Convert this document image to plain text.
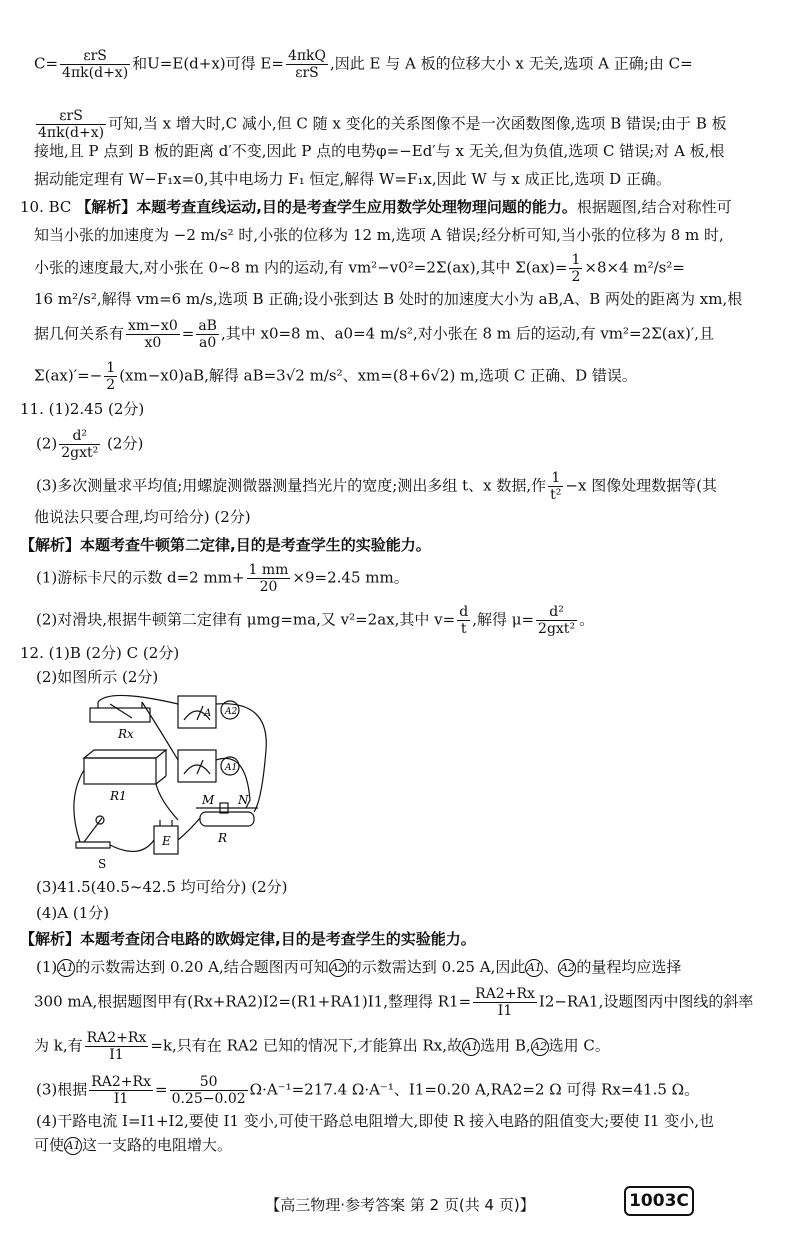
$C= \frac{\text{εrS}}{4\pi k(d+x)}$ 和U=E(d+x)可得 $E= \frac{\text{4πkQ}}{\text{εrS}}$ ,因此 E 与 A 板的位移大小 x 无关,选项 A 正确;由 C=
$\frac{\text{εrS}}{4\pi k(d+x)}$ 可知,当 x 增大时,C 减小,但 C 随 x 变化的关系图像不是一次函数图像,选项 B 错误;由于 B 板
接地,且 P 点到 B 板的距离 d′不变,因此 P 点的电势φ=−Ed′与 x 无关,但为负值,选项 C 错误;对 A 板,根
据动能定理有 W−F₁x=0,其中电场力 F₁ 恒定,解得 W=F₁x,因此 W 与 x 成正比,选项 D 正确。
10. BC 【解析】本题考查直线运动,目的是考查学生应用数学处理物理问题的能力。根据题图,结合对称性可
知当小张的加速度为 −2 m/s² 时,小张的位移为 12 m,选项 A 错误;经分析可知,当小张的位移为 8 m 时,
小张的速度最大,对小张在 0~8 m 内的运动,有 vm²−v0²=2Σ(ax),其中 $\Sigma(ax)= \frac{1}{2} \times 8\times 4$ m²/s²=
16 m²/s²,解得 vm=6 m/s,选项 B 正确;设小张到达 B 处时的加速度大小为 aB,A、B 两处的距离为 xm,根
据几何关系有 $\frac{xm-x0}{x0} = \frac{aB}{a0}$ ,其中 x0=8 m、a0=4 m/s²,对小张在 8 m 后的运动,有 vm²=2Σ(ax)′,且
$\Sigma(ax)'=- \frac{1}{2} (xm-x0)aB$,解得 aB=3√2 m/s²、xm=(8+6√2) m,选项 C 正确、D 错误。
11. (1)2.45 (2分)
$(2) \frac{\text{d²}}{\text{2gxt²}} (2$分)
(3)多次测量求平均值;用螺旋测微器测量挡光片的宽度;测出多组 t、x 数据,作 $\frac{1}{\text{t²}} -x$ 图像处理数据等(其
他说法只要合理,均可给分) (2分)
【解析】本题考查牛顿第二定律,目的是考查学生的实验能力。
(1)游标卡尺的示数 d=2 $mm+ \frac{1 mm}{20} \times 9=2.45$ mm。
(2)对滑块,根据牛顿第二定律有 μmg=ma,又 v²=2ax,其中 $v= \frac{d}{t}$ ,解得 $\mu= \frac{\text{d²}}{\text{2gxt²}}$ 。
12. (1)B (2分) C (2分)
(2)如图所示 (2分)
A A2
A1
Rx
R1	M N
R
E
S
(3)41.5(40.5~42.5 均可给分) (2分)
(4)A (1分)
【解析】本题考查闭合电路的欧姆定律,目的是考查学生的实验能力。
(1) A1 的示数需达到 0.20 A,结合题图丙可知 A2 的示数需达到 0.25 A,因此 A1 、 A2 的量程均应选择
300 mA,根据题图甲有(Rx+RA2)I2=(R1+RA1)I1,整理得 $R1= \frac{RA2+Rx}{I1} I2-RA1$,设题图丙中图线的斜率
为 k,有 $\frac{RA2+Rx}{I1} =k$,只有在 RA2 已知的情况下,才能算出 Rx,故 A1 选用 B, A2 选用 C。
(3)根据 $\frac{RA2+Rx}{I1} = \frac{50}{0.25-0.02} \Omega\cdot A^{-1}=217.4$ Ω·A⁻¹、I1=0.20 A,RA2=2 Ω 可得 Rx=41.5 Ω。
(4)干路电流 I=I1+I2,要使 I1 变小,可使干路总电阻增大,即使 R 接入电路的阻值变大;要使 I1 变小,也
可使 A1 这一支路的电阻增大。
【高三物理·参考答案 第 2 页(共 4 页)】	1003C
